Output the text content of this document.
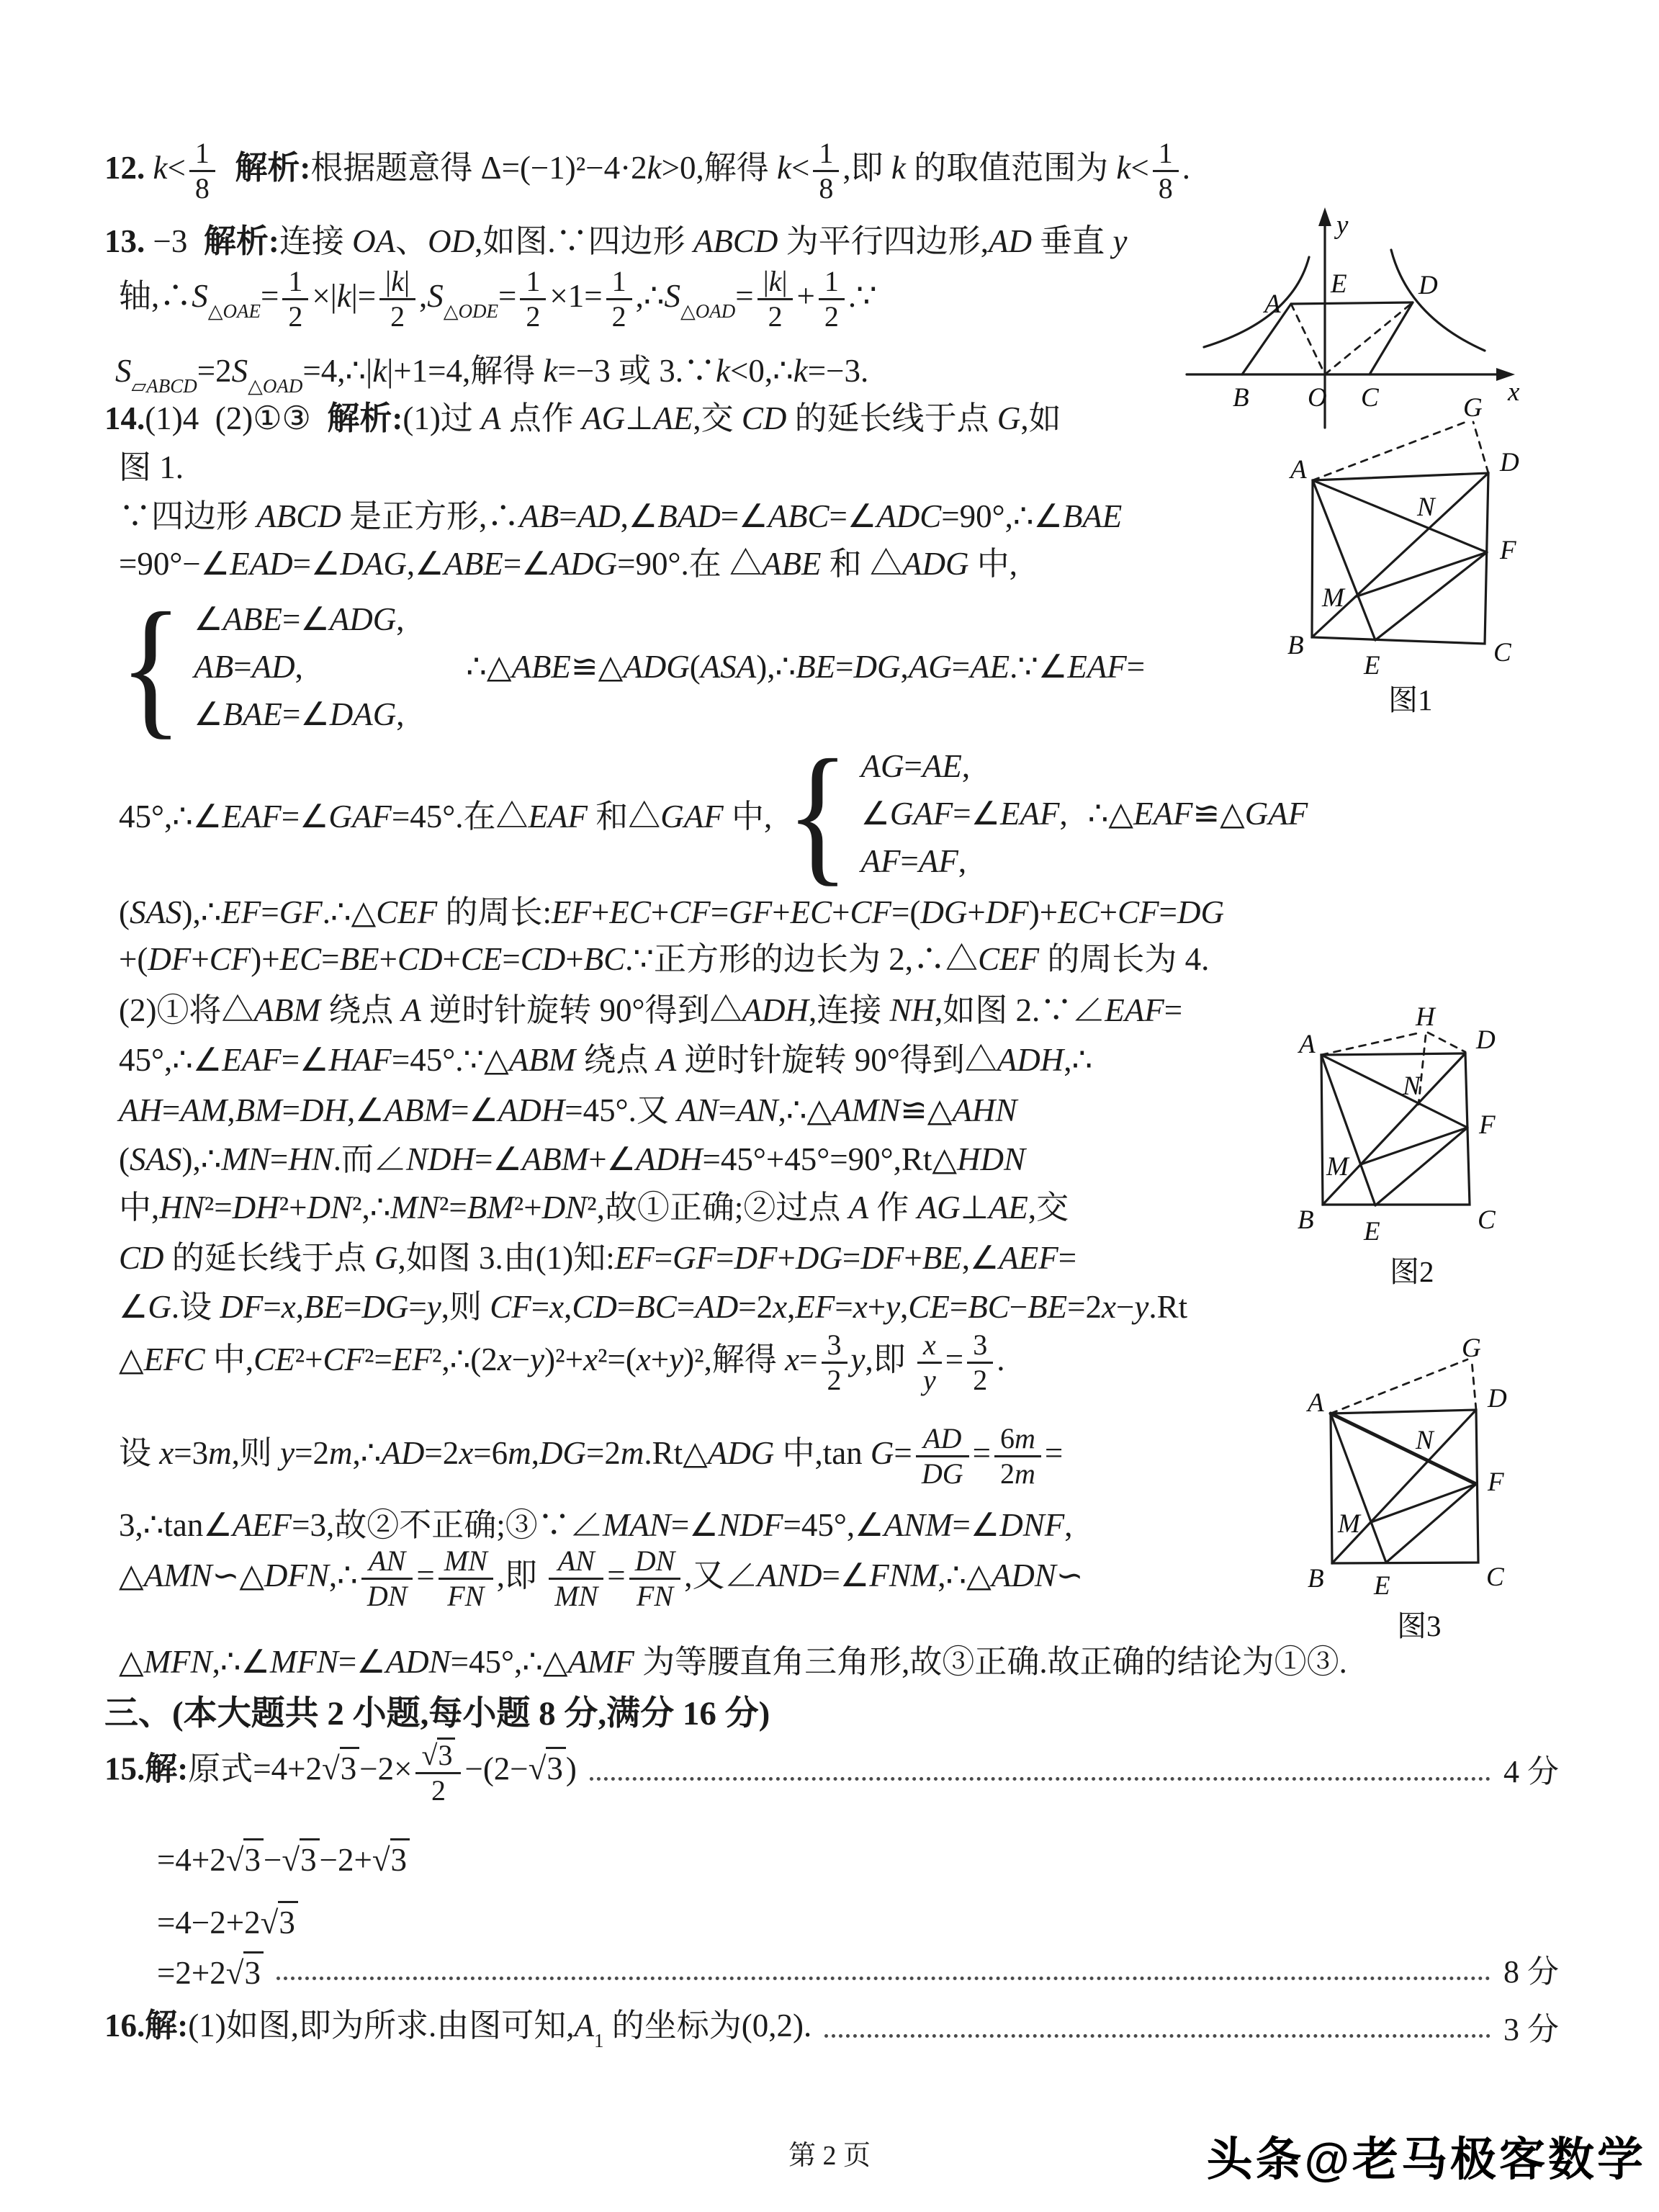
12. $k< \frac{1}{8}$ 解析:根据题意得 Δ=(−1)²−4·2k>0,解得 $k< \frac{1}{8}$ ,即 k 的取值范围为 $k< \frac{1}{8}$ .
13. −3  解析:连接 OA、OD,如图.∵四边形 ABCD 为平行四边形,AD 垂直 y
轴$,\therefore S_{\triangle OAE}= \frac{1}{2} \times|k|= \frac{|k|}{2} ,S_{\triangle ODE}= \frac{1}{2} \times 1= \frac{1}{2}$ $,\therefore S_{\triangle OAD}= \frac{|k|}{2} + \frac{1}{2}$ .∵
$S_{▱ABCD}=2S_{\triangle OAD}=4,\therefore|k|+1=4$,解得 k=−3 或 3.∵k<0,∴k=−3.
14.(1)4  (2)①③  解析:(1)过 A 点作 AG⊥AE,交 CD 的延长线于点 G,如
图 1.
∵四边形 ABCD 是正方形,∴AB=AD,∠BAD=∠ABC=∠ADC=90°,∴∠BAE
=90°−∠EAD=∠DAG,∠ABE=∠ADG=90°.在 △ABE 和 △ADG 中,
{ ∠ABE=∠ADG,
AB=AD,
∠BAE=∠DAG,
∴△ABE≌△ADG(ASA),∴BE=DG,AG=AE.∵∠EAF=
45°,∴∠EAF=∠GAF=45°.在△EAF 和△GAF 中, { AG=AE,
∠GAF=∠EAF,
AF=AF,
∴△EAF≌△GAF
(SAS),∴EF=GF.∴△CEF 的周长:EF+EC+CF=GF+EC+CF=(DG+DF)+EC+CF=DG
+(DF+CF)+EC=BE+CD+CE=CD+BC.∵正方形的边长为 2,∴△CEF 的周长为 4.
(2)①将△ABM 绕点 A 逆时针旋转 90°得到△ADH,连接 NH,如图 2.∵∠EAF=
45°,∴∠EAF=∠HAF=45°.∵△ABM 绕点 A 逆时针旋转 90°得到△ADH,∴
AH=AM,BM=DH,∠ABM=∠ADH=45°.又 AN=AN,∴△AMN≌△AHN
(SAS),∴MN=HN.而∠NDH=∠ABM+∠ADH=45°+45°=90°,Rt△HDN
中,HN²=DH²+DN²,∴MN²=BM²+DN²,故①正确;②过点 A 作 AG⊥AE,交
CD 的延长线于点 G,如图 3.由(1)知:EF=GF=DF+DG=DF+BE,∠AEF=
∠G.设 DF=x,BE=DG=y,则 CF=x,CD=BC=AD=2x,EF=x+y,CE=BC−BE=2x−y.Rt
△EFC 中,CE²+CF²=EF²,∴(2x−y)²+x²=(x+y)²,解得 $x= \frac{3}{2} y$,即 $\frac{x}{y} = \frac{3}{2}$ .
设 x=3m,则 y=2m,∴AD=2x=6m,DG=2m.Rt△ADG 中,tan $G= \frac{AD}{DG} = \frac{6m}{2m}$ =
3,∴tan∠AEF=3,故②不正确;③∵∠MAN=∠NDF=45°,∠ANM=∠DNF,
△AMN∽△DFN,∴ $\frac{AN}{DN} = \frac{MN}{FN}$ ,即 $\frac{AN}{MN} = \frac{DN}{FN}$ ,又∠AND=∠FNM,∴△ADN∽
△MFN,∴∠MFN=∠ADN=45°,∴△AMF 为等腰直角三角形,故③正确.故正确的结论为①③.
三、(本大题共 2 小题,每小题 8 分,满分 16 分)
15.解:原式$=4+2√3-2\times \frac{√3}{2} -(2-√3)$	4 分
=4+2√3−√3−2+√3
=4−2+2√3
=2+2√3	8 分
16.解:(1)如图,即为所求.由图可知$,A_1$ 的坐标为(0,2).	3 分
y
x
O
B	C
A
E	D
A	D
B	C
E
F
M
N
G
图1
A	D
B	C
E
F
M
N
H
图2
A	D
B	C
E
F
M
N
G
图3
第 2 页	头条@老马极客数学
